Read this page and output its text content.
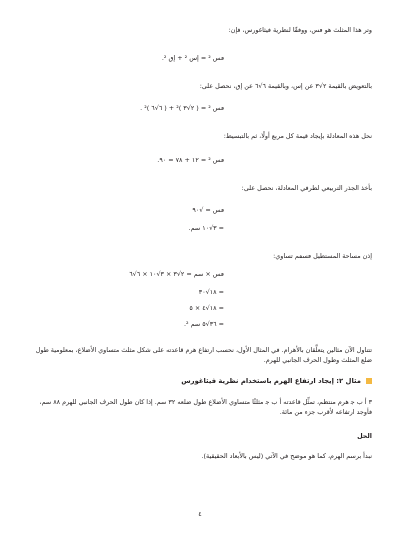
وتر هذا المثلث هو ‎ٯ‎س، ووفقًا لنظرية فيثاغورس، فإن:
‏ٯس ² = ‎إس ² + إٯ ²‎.
بالتعويض بالقيمة ‎٢√٣‎ عن إس، وبالقيمة ‎٦√٦‎ عن إٯ، نحصل على:
ٯس ² = ‎( ٢√٣ )² + ( ٦√٦ )²‎ .
نحل هذه المعادلة بإيجاد قيمة كل مربع أولًا، ثم بالتبسيط:
ٯس ² = ١٢ + ٧٨ = ٩٠.
بأخذ الجذر التربيعي لطرفي المعادلة، نحصل على:
ٯس = ‎√٩٠
= ‎٣√١٠‎ سم.
إذن مساحة المستطيل ٯسٯم تساوي:
ٯس × سم = ‎٢√٣ × ٣√١٠ × ٦√٦
= ‎١٨√٣٠
= ‎١٨√٤ × ٥
= ‎٣٦√٥ سم ².
تتناول الآن مثالين يتعلَّقان بالأهرام. في المثال الأول، نحسب ارتفاع هرم قاعدته على شكل مثلث متساوي الأضلاع، بمعلومية طول ضلع المثلث وطول الحرف الجانبي للهرم.
مثال ٢: إيجاد ارتفاع الهرم باستخدام نظرية فيثاغورس
٣ أ ب ﺟ هرم منتظم، تمثِّل قاعدته أ ب ﺟ مثلثًا متساوي الأضلاع طول ضلعه ٣٢ سم. إذا كان طول الحرف الجانبي للهرم ٨٨ سم، فأوجد ارتفاعه لأقرب جزء من مائة.
الحل
نبدأ برسم الهرم، كما هو موضح في الآتي (ليس بالأبعاد الحقيقية).
٤
